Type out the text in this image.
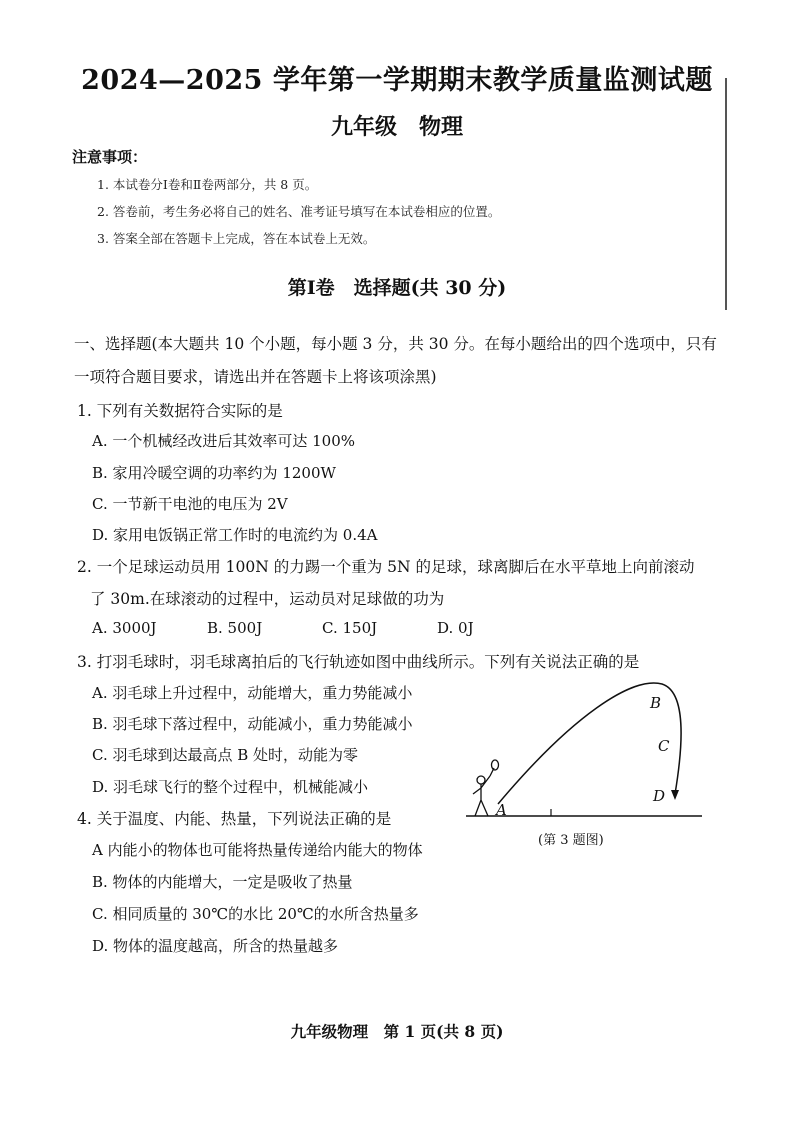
2024—2025 学年第一学期期末教学质量监测试题
九年级　物理
注意事项：
1. 本试卷分Ⅰ卷和Ⅱ卷两部分，共 8 页。
2. 答卷前，考生务必将自己的姓名、准考证号填写在本试卷相应的位置。
3. 答案全部在答题卡上完成，答在本试卷上无效。
第Ⅰ卷　选择题(共 30 分)
一、选择题(本大题共 10 个小题，每小题 3 分，共 30 分。在每小题给出的四个选项中，只有
一项符合题目要求，请选出并在答题卡上将该项涂黑)
1. 下列有关数据符合实际的是
A. 一个机械经改进后其效率可达 100%
B. 家用冷暖空调的功率约为 1200W
C. 一节新干电池的电压为 2V
D. 家用电饭锅正常工作时的电流约为 0.4A
2. 一个足球运动员用 100N 的力踢一个重为 5N 的足球，球离脚后在水平草地上向前滚动
了 30m.在球滚动的过程中，运动员对足球做的功为
A. 3000J	B. 500J	C. 150J	D. 0J
3. 打羽毛球时，羽毛球离拍后的飞行轨迹如图中曲线所示。下列有关说法正确的是
A. 羽毛球上升过程中，动能增大，重力势能减小
B. 羽毛球下落过程中，动能减小，重力势能减小
C. 羽毛球到达最高点 B 处时，动能为零
D. 羽毛球飞行的整个过程中，机械能减小
A
B
C
D
(第 3 题图)
4. 关于温度、内能、热量，下列说法正确的是
A 内能小的物体也可能将热量传递给内能大的物体
B. 物体的内能增大，一定是吸收了热量
C. 相同质量的 30℃的水比 20℃的水所含热量多
D. 物体的温度越高，所含的热量越多
九年级物理　第 1 页(共 8 页)
